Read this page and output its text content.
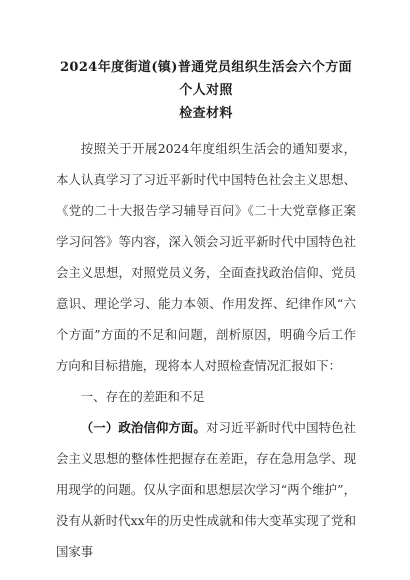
2024年度街道(镇)普通党员组织生活会六个方面个人对照
检查材料

按照关于开展2024年度组织生活会的通知要求，本人认真学习了习近平新时代中国特色社会主义思想、《党的二十大报告学习辅导百问》《二十大党章修正案学习问答》等内容，深入领会习近平新时代中国特色社会主义思想，对照党员义务，全面查找政治信仰、党员意识、理论学习、能力本领、作用发挥、纪律作风“六个方面”方面的不足和问题，剖析原因，明确今后工作方向和目标措施，现将本人对照检查情况汇报如下：

一、存在的差距和不足

（一）政治信仰方面。对习近平新时代中国特色社会主义思想的整体性把握存在差距，存在急用急学、现用现学的问题。仅从字面和思想层次学习“两个维护”，没有从新时代xx年的历史性成就和伟大变革实现了党和国家事
